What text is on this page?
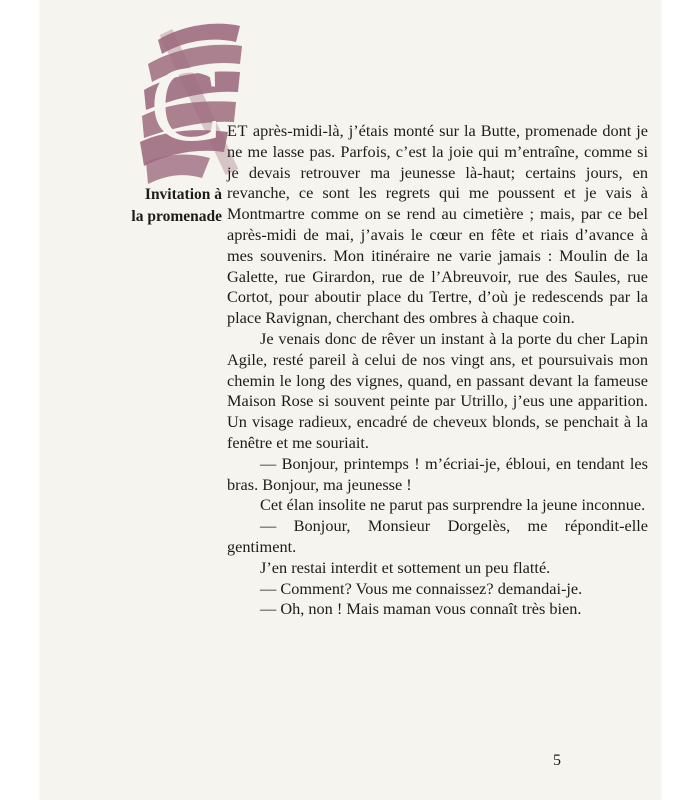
Invitation à
la promenade
C ET après-midi-là, j’étais monté sur la Butte, promenade dont je ne me lasse pas. Parfois, c’est la joie qui m’entraîne, comme si je devais retrouver ma jeunesse là-haut; certains jours, en revanche, ce sont les regrets qui me poussent et je vais à Montmartre comme on se rend au cimetière ; mais, par ce bel après-midi de mai, j’avais le cœur en fête et riais d’avance à mes souvenirs. Mon itinéraire ne varie jamais : Moulin de la Galette, rue Girardon, rue de l’Abreuvoir, rue des Saules, rue Cortot, pour aboutir place du Tertre, d’où je redescends par la place Ravignan, cherchant des ombres à chaque coin.

Je venais donc de rêver un instant à la porte du cher Lapin Agile, resté pareil à celui de nos vingt ans, et poursuivais mon chemin le long des vignes, quand, en passant devant la fameuse Maison Rose si souvent peinte par Utrillo, j’eus une apparition. Un visage radieux, encadré de cheveux blonds, se penchait à la fenêtre et me souriait.

— Bonjour, printemps ! m’écriai-je, ébloui, en tendant les bras. Bonjour, ma jeunesse !

Cet élan insolite ne parut pas surprendre la jeune inconnue.

— Bonjour, Monsieur Dorgelès, me répondit-elle gentiment.

J’en restai interdit et sottement un peu flatté.

— Comment? Vous me connaissez? demandai-je.

— Oh, non ! Mais maman vous connaît très bien.

5
